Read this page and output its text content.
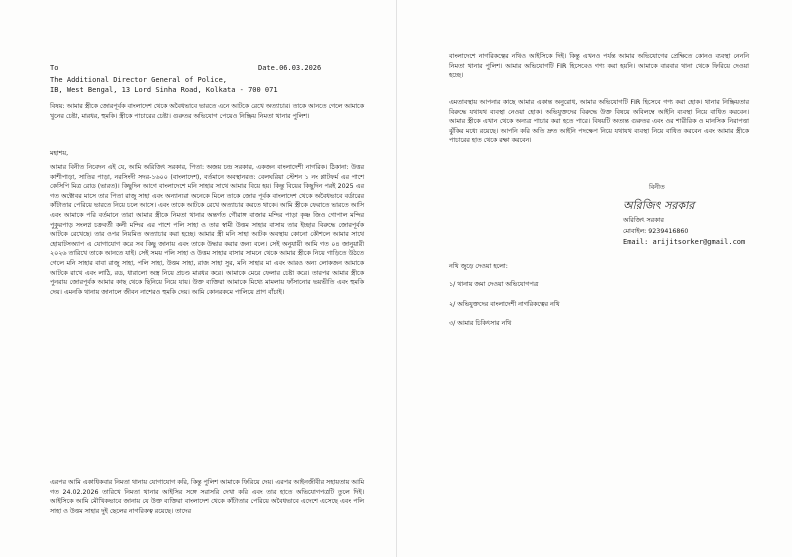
To	Date.06.03.2026
The Additional Director General of Police,
IB, West Bengal, 13 Lord Sinha Road, Kolkata - 700 071
বিষয়: আমার স্ত্রীকে জোরপূর্বক বাংলাদেশ থেকে অবৈধভাবে ভারতে এনে আটকে রেখে অত্যাচার। তাকে আনতে গেলে আমাকে খুনের চেষ্টা, মারধর, হুমকি। স্ত্রীকে পাচারের চেষ্টা। গুরুতর অভিযোগ পেয়েও নিষ্ক্রিয় নিমতা থানার পুলিশ।
মহাশয়,
আমার বিনীত নিবেদন এই যে, আমি অরিজিৎ সরকার, পিতা: অজয় চন্দ্র সরকার, একজন বাংলাদেশী নাগরিক। ঠিকানা: উত্তর কাশীপাড়া, সাতির পাড়া, নরসিংদী সদর-১৬০০ (বাংলাদেশ), বর্তমানে অবস্থানরত: বেলঘরিয়া স্টেশন ১ নং প্লাটফর্ম এর পাশে কেসিপি মিত্র রোড (ভারত)। কিছুদিন আগে বাংলাদেশে মনি সাহার সাথে আমার বিয়ে হয়। কিন্তু বিয়ের কিছুদিন পরই 2025 এর গত অক্টোবর মাসে তার পিতা রাজু সাহা এবং অন্যান্যরা অনেকে মিলে তাকে জোর পূর্বক বাংলাদেশ থেকে অবৈধভাবে বর্ডারের কাঁটাতার পেরিয়ে ভারতে নিয়ে চলে আসে। এবং তাকে আটকে রেখে অত্যাচার করতে থাকে। আমি স্ত্রীকে ফেরাতে ভারতে আসি এবং আমাকে পরি বর্তমানে তারা আমার স্ত্রীকে নিমতা থানার অন্তর্গত গৌরাঙ্গ বাজার মন্দির পাড়া কৃষ্ণ জিও গোপাল মন্দির পুকুরপাড় সংলগ্ন চক্রবর্তী কলী মন্দির এর পাশে পলি সাহা ও তার স্বামী উত্তম সাহার বাসায় তার ইচ্ছার বিরুদ্ধে জোরপূর্বক আটকে রেখেছে। তার ওপর নিয়মিত অত্যাচার করা হচ্ছে। আমার স্ত্রী মনি সাহা আটক অবস্থায় কোনো কৌশলে আমার সাথে হোয়াটসঅ্যাপ এ যোগাযোগ করে সব কিছু জানায় এবং তাকে উদ্ধার করার জন্য বলে। সেই অনুযায়ী আমি গত ০৪ জানুয়ারী ২০২৬ তারিখে তাকে আনতে যাই। সেই সময় পলি সাহা ও উত্তম সাহার বাসার সামনে থেকে আমার স্ত্রীকে নিয়ে গাড়িতে উঠতে গেলে মনি সাহার বাবা রাজু সাহা, পলি সাহা, উত্তম সাহা, রাজ সাহা সুর, মনি সাহার মা এবং আরও অন্য লোকজন আমাকে আটকে রাখে এবং লাঠি, রড, ধারালো অস্ত্র নিয়ে প্রচণ্ড মারধর করে। আমাকে মেরে ফেলার চেষ্টা করে। তারপর আমার স্ত্রীকে পুনরায় জোরপূর্বক আমার কাছ থেকে ছিনিয়ে নিয়ে যায়। উক্ত ব্যক্তিরা আমাকে মিথ্যে মামলায় ফাঁসানোর ভয়ভীতি এবং হুমকি দেয়। এমনকি থানায় জানালে জীবন নাশেরও হুমকি দেয়। আমি কোনরকমে পালিয়ে প্রাণ বাঁচাই।
এরপর আমি একাধিকবার নিমতা থানায় যোগাযোগ করি, কিন্তু পুলিশ আমাকে ফিরিয়ে দেয়। এরপর আইনজীবীর সহায়তায় আমি গত 24.02.2026 তারিখে নিমতা থানার আইসির সঙ্গে সরাসরি দেখা করি এবং তার হাতে অভিযোগপত্রটি তুলে দিই। আইসিকে আমি মৌখিকভাবে জানায় যে উক্ত ব্যক্তিরা বাংলাদেশ থেকে কাঁটাতার পেরিয়ে অবৈধভাবে এদেশে এসেছে এবং পলি সাহা ও উত্তম সাহার দুই ছেলের নাগরিকত্ব রয়েছে। তাদের
বাংলাদেশে নাগরিকত্বের নথিও আইসিকে দিই। কিন্তু এখনও পর্যন্ত আমার অভিযোগের প্রেক্ষিতে কোনও ব্যবস্থা নেননি নিমতা থানার পুলিশ। আমার অভিযোগটি FIR হিসেবেও গণ্য করা হয়নি। আমাকে বারবার থানা থেকে ফিরিয়ে দেওয়া হচ্ছে।
এমতাবস্থায় আপনার কাছে আমার একান্ত অনুরোধ, আমার অভিযোগটি FIR হিসেবে গণ্য করা হোক। থানার নিষ্ক্রিয়তার বিরুদ্ধে যথাযথ ব্যবস্থা নেওয়া হোক। অভিযুক্তদের বিরুদ্ধে উক্ত বিষয়ে অবিলম্বে আইনি ব্যবস্থা নিয়ে বাধিত করবেন। আমার স্ত্রীকে এখান থেকে অন্যত্র পাচার করা হতে পারে। বিষয়টি অত্যন্ত গুরুতর এবং ওর শারীরিক ও মানসিক নিরাপত্তা ঝুঁকির মধ্যে রয়েছে। আপনি করি অতি দ্রুত আইনি পদক্ষেপ নিয়ে যথাযথ ব্যবস্থা নিয়ে বাধিত করবেন এবং আমার স্ত্রীকে পাচারের হাত থেকে রক্ষা করবেন।
বিনীত
অরিজিৎ সরকার
অরিজিৎ সরকার
মোবাইল: 9239416860
Email: arijitsorker@gmail.com
নথি জুড়ে দেওয়া হলো:
১/ থানায় জমা দেওয়া অভিযোগপত্র
২/ অভিযুক্তদের বাংলাদেশী নাগরিকত্বের নথি
৩/ আমার চিকিৎসার নথি
